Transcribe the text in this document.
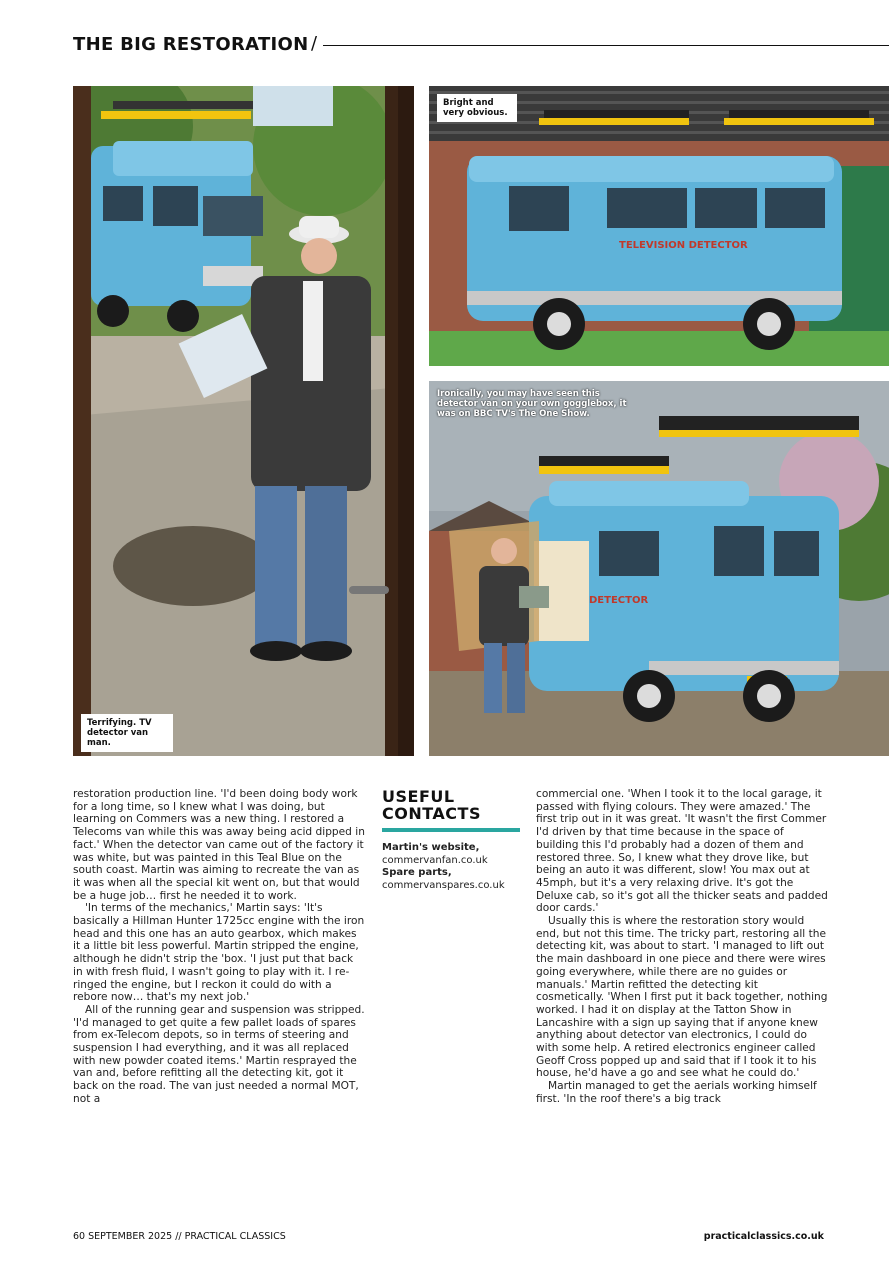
THE BIG RESTORATION /
Terrifying. TV detector van man.
TELEVISION DETECTOR
Bright and very obvious.
DETECTOR
Ironically, you may have seen this detector van on your own gogglebox, it was on BBC TV's The One Show.

restoration production line. 'I'd been doing body work for a long time, so I knew what I was doing, but learning on Commers was a new thing. I restored a Telecoms van while this was away being acid dipped in fact.' When the detector van came out of the factory it was white, but was painted in this Teal Blue on the south coast. Martin was aiming to recreate the van as it was when all the special kit went on, but that would be a huge job… first he needed it to work.

'In terms of the mechanics,' Martin says: 'It's basically a Hillman Hunter 1725cc engine with the iron head and this one has an auto gearbox, which makes it a little bit less powerful. Martin stripped the engine, although he didn't strip the 'box. 'I just put that back in with fresh fluid, I wasn't going to play with it. I re-ringed the engine, but I reckon it could do with a rebore now… that's my next job.'

All of the running gear and suspension was stripped. 'I'd managed to get quite a few pallet loads of spares from ex-Telecom depots, so in terms of steering and suspension I had everything, and it was all replaced with new powder coated items.' Martin resprayed the van and, before refitting all the detecting kit, got it back on the road. The van just needed a normal MOT, not a

USEFUL
CONTACTS
Martin's website,
commervanfan.co.uk
Spare parts,
commervanspares.co.uk

commercial one. 'When I took it to the local garage, it passed with flying colours. They were amazed.' The first trip out in it was great. 'It wasn't the first Commer I'd driven by that time because in the space of building this I'd probably had a dozen of them and restored three. So, I knew what they drove like, but being an auto it was different, slow! You max out at 45mph, but it's a very relaxing drive. It's got the Deluxe cab, so it's got all the thicker seats and padded door cards.'

Usually this is where the restoration story would end, but not this time. The tricky part, restoring all the detecting kit, was about to start. 'I managed to lift out the main dashboard in one piece and there were wires going everywhere, while there are no guides or manuals.' Martin refitted the detecting kit cosmetically. 'When I first put it back together, nothing worked. I had it on display at the Tatton Show in Lancashire with a sign up saying that if anyone knew anything about detector van electronics, I could do with some help. A retired electronics engineer called Geoff Cross popped up and said that if I took it to his house, he'd have a go and see what he could do.'

Martin managed to get the aerials working himself first. 'In the roof there's a big track

60 SEPTEMBER 2025 // PRACTICAL CLASSICS	practicalclassics.co.uk
